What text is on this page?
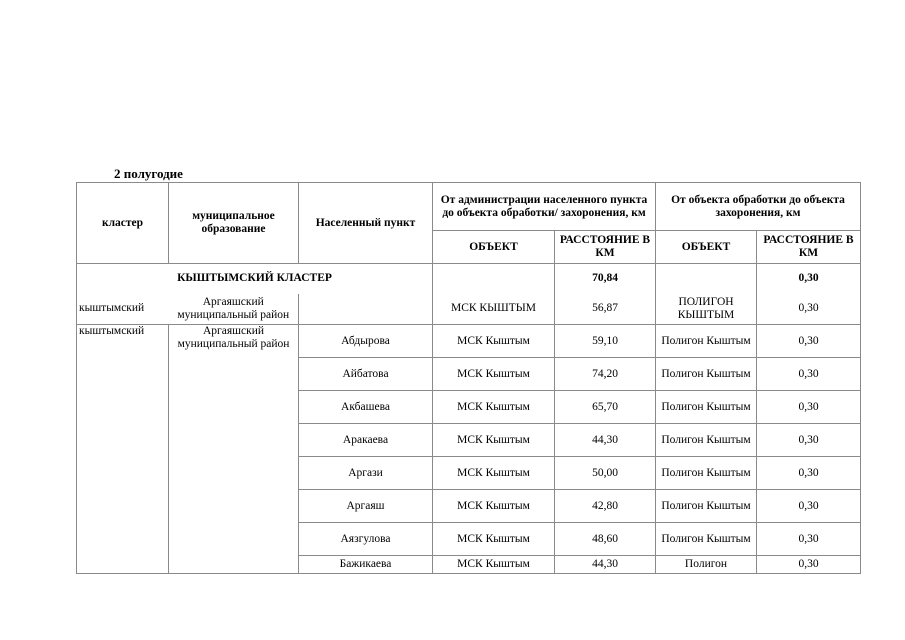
2 полугодие
кластер	муниципальное образование	Населенный пункт	От администрации населенного пункта до объекта обработки/ захоронения, км		От объекта обработки до объекта захоронения, км	
			ОБЪЕКТ	РАССТОЯНИЕ В КМ	ОБЪЕКТ	РАССТОЯНИЕ В КМ
КЫШТЫМСКИЙ КЛАСТЕР				70,84		0,30
кыштымский	Аргаяшский муниципальный район		МСК КЫШТЫМ	56,87	ПОЛИГОН КЫШТЫМ	0,30
кыштымский	Аргаяшский муниципальный район	Абдырова	МСК Кыштым	59,10	Полигон Кыштым	0,30
		Айбатова	МСК Кыштым	74,20	Полигон Кыштым	0,30
		Акбашева	МСК Кыштым	65,70	Полигон Кыштым	0,30
		Аракаева	МСК Кыштым	44,30	Полигон Кыштым	0,30
		Аргази	МСК Кыштым	50,00	Полигон Кыштым	0,30
		Аргаяш	МСК Кыштым	42,80	Полигон Кыштым	0,30
		Аязгулова	МСК Кыштым	48,60	Полигон Кыштым	0,30

		Бажикаева	МСК Кыштым	44,30	Полигон	0,30
